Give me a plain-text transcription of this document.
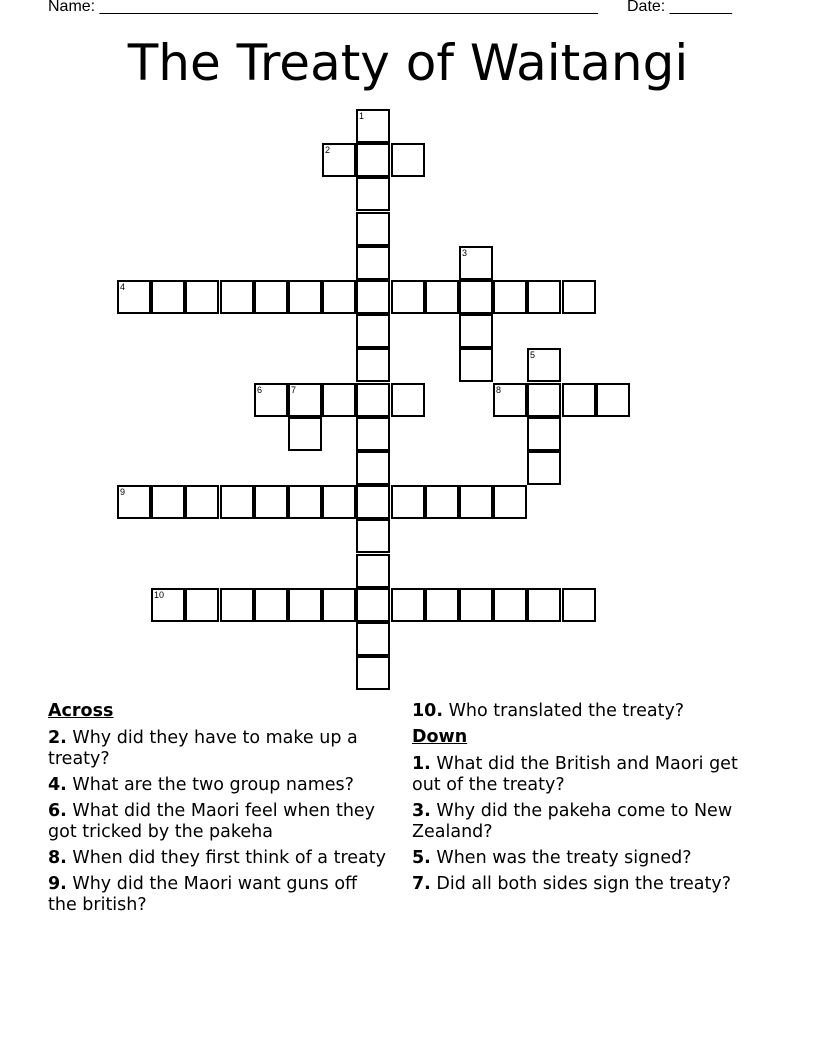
Name: ________________________________________________________ Date: _______
The Treaty of Waitangi
1
2
3
4
5
6	7	8
9
10
Across
2. Why did they have to make up a treaty?
4. What are the two group names?
6. What did the Maori feel when they got tricked by the pakeha
8. When did they first think of a treaty
9. Why did the Maori want guns off the british?
10. Who translated the treaty?
Down
1. What did the British and Maori get out of the treaty?
3. Why did the pakeha come to New Zealand?
5. When was the treaty signed?
7. Did all both sides sign the treaty?
